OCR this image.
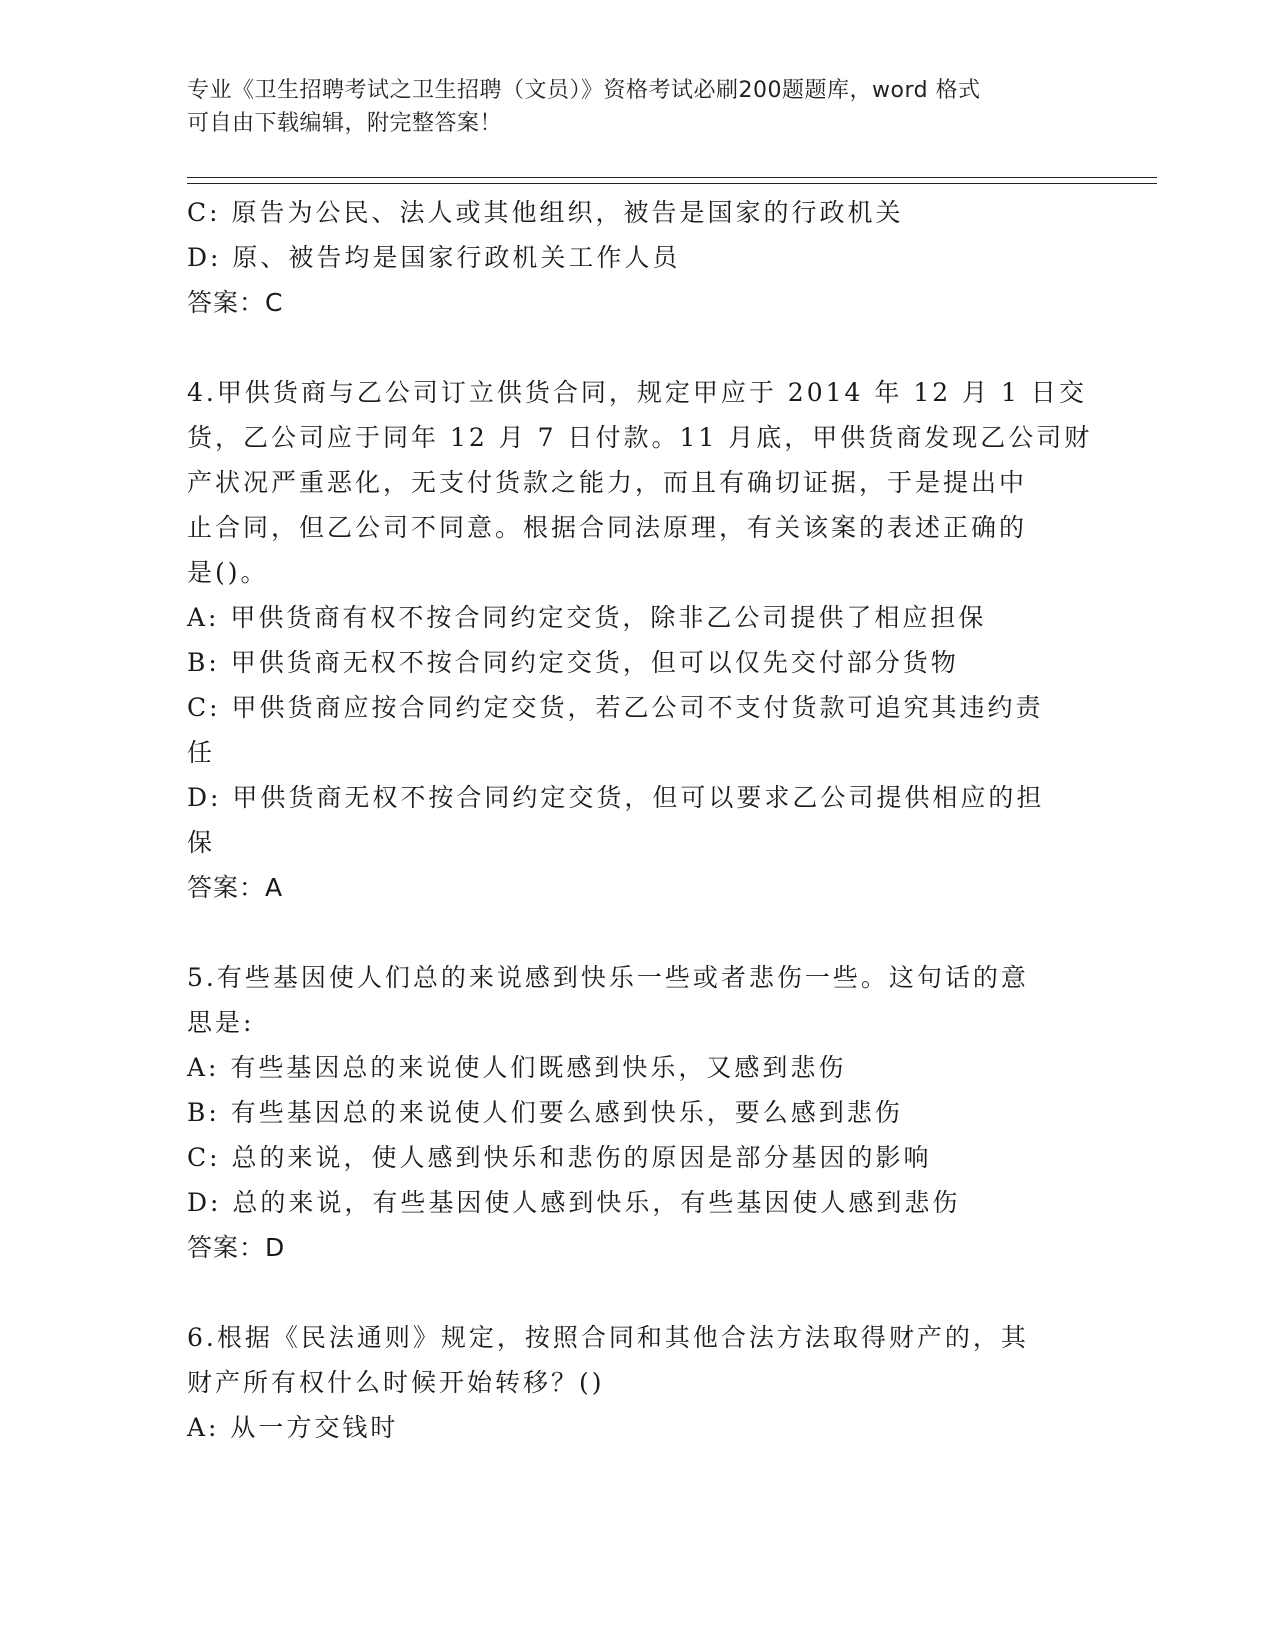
专业《卫生招聘考试之卫生招聘（文员）》资格考试必刷200题题库，word 格式
可自由下载编辑，附完整答案！
C: 原告为公民、法人或其他组织，被告是国家的行政机关
D: 原、被告均是国家行政机关工作人员
答案：C
4.甲供货商与乙公司订立供货合同，规定甲应于 2014 年 12 月 1 日交
货，乙公司应于同年 12 月 7 日付款。11 月底，甲供货商发现乙公司财
产状况严重恶化，无支付货款之能力，而且有确切证据，于是提出中
止合同，但乙公司不同意。根据合同法原理，有关该案的表述正确的
是()。
A: 甲供货商有权不按合同约定交货，除非乙公司提供了相应担保
B: 甲供货商无权不按合同约定交货，但可以仅先交付部分货物
C: 甲供货商应按合同约定交货，若乙公司不支付货款可追究其违约责
任
D: 甲供货商无权不按合同约定交货，但可以要求乙公司提供相应的担
保
答案：A
5.有些基因使人们总的来说感到快乐一些或者悲伤一些。这句话的意
思是:
A: 有些基因总的来说使人们既感到快乐，又感到悲伤
B: 有些基因总的来说使人们要么感到快乐，要么感到悲伤
C: 总的来说，使人感到快乐和悲伤的原因是部分基因的影响
D: 总的来说，有些基因使人感到快乐，有些基因使人感到悲伤
答案：D
6.根据《民法通则》规定，按照合同和其他合法方法取得财产的，其
财产所有权什么时候开始转移？()
A: 从一方交钱时
